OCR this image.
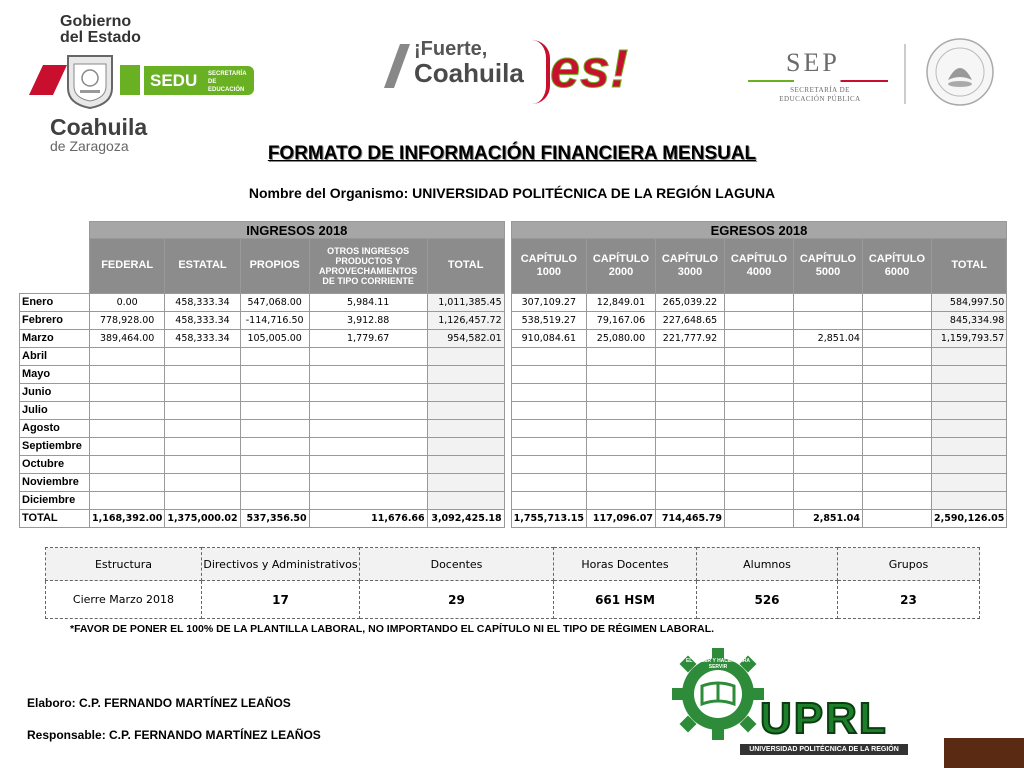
Gobierno
del Estado
SEDU SECRETARÍA DE EDUCACIÓN
Coahuila
de Zaragoza
¡Fuerte,
Coahuila es!	SEP
SECRETARÍA DE EDUCACIÓN PÚBLICA
FORMATO DE INFORMACIÓN FINANCIERA MENSUAL
Nombre del Organismo: UNIVERSIDAD POLITÉCNICA DE LA REGIÓN LAGUNA
	INGRESOS 2018						EGRESOS 2018						
	FEDERAL	ESTATAL	PROPIOS	OTROS INGRESOS PRODUCTOS Y APROVECHAMIENTOS DE TIPO CORRIENTE	TOTAL		CAPÍTULO 1000	CAPÍTULO 2000	CAPÍTULO 3000	CAPÍTULO 4000	CAPÍTULO 5000	CAPÍTULO 6000	TOTAL
Enero	0.00	458,333.34	547,068.00	5,984.11	1,011,385.45		307,109.27	12,849.01	265,039.22				584,997.50
Febrero	778,928.00	458,333.34	-114,716.50	3,912.88	1,126,457.72		538,519.27	79,167.06	227,648.65				845,334.98
Marzo	389,464.00	458,333.34	105,005.00	1,779.67	954,582.01		910,084.61	25,080.00	221,777.92		2,851.04		1,159,793.57
Abril													
Mayo													
Junio													
Julio													
Agosto													
Septiembre													
Octubre													
Noviembre													
Diciembre													
TOTAL	1,168,392.00	1,375,000.02	537,356.50	11,676.66	3,092,425.18		1,755,713.15	117,096.07	714,465.79		2,851.04		2,590,126.05
Estructura	Directivos y Administrativos	Docentes	Horas Docentes	Alumnos	Grupos
Cierre Marzo 2018	17	29	661 HSM	526	23
*FAVOR DE PONER EL 100% DE LA PLANTILLA LABORAL, NO IMPORTANDO EL CAPÍTULO NI EL TIPO DE RÉGIMEN LABORAL.
Elaboro: C.P. FERNANDO MARTÍNEZ LEAÑOS
Responsable: C.P. FERNANDO MARTÍNEZ LEAÑOS
EL SABER Y HACER PARA SERVIR
UPRL
UNIVERSIDAD POLITÉCNICA DE LA REGIÓN LAGUNA
